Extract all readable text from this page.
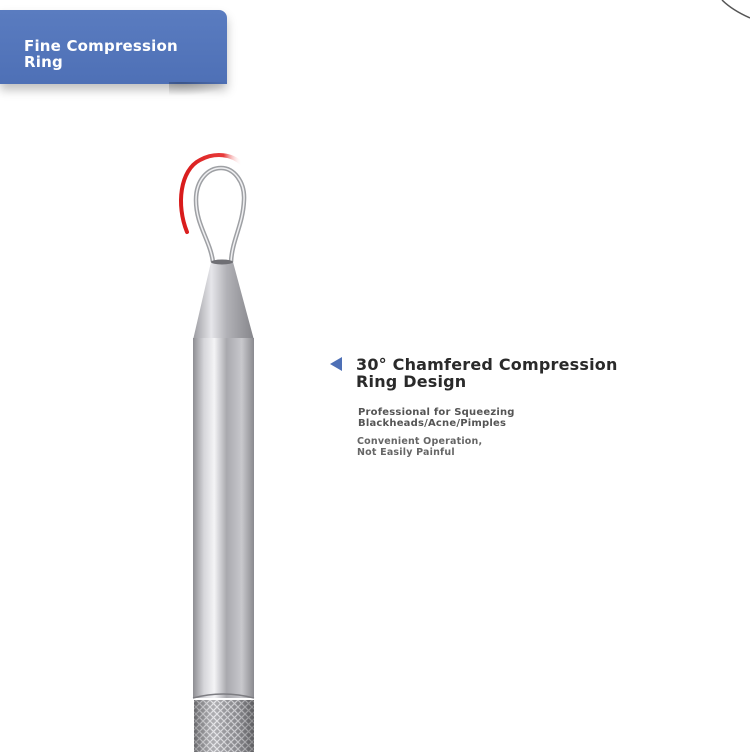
Fine Compression
Ring
30° Chamfered Compression
Ring Design
Professional for Squeezing
Blackheads/Acne/Pimples
Convenient Operation,
Not Easily Painful
